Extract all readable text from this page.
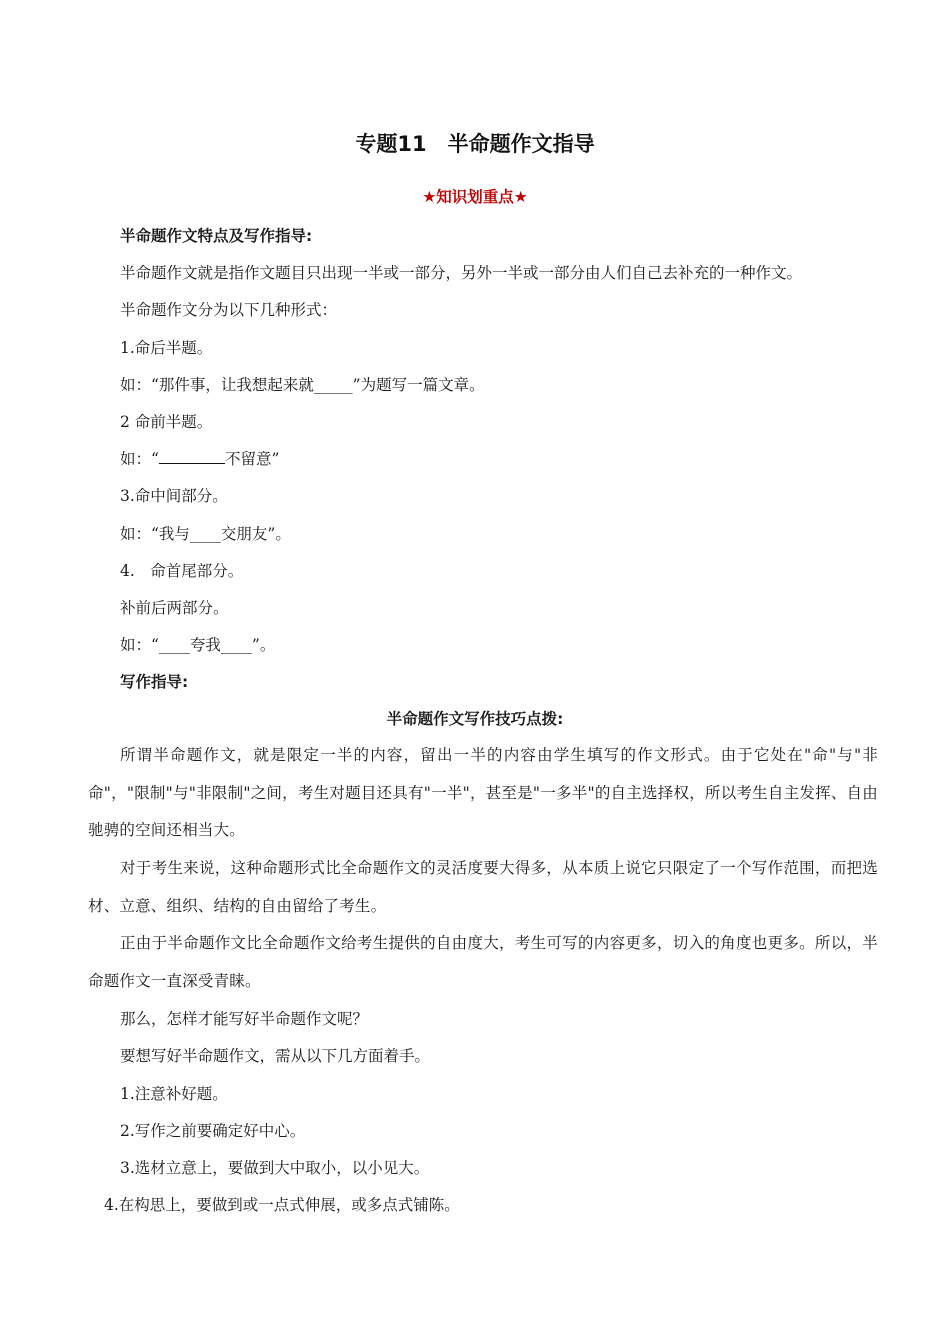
专题11　半命题作文指导
★知识划重点★
半命题作文特点及写作指导:
半命题作文就是指作文题目只出现一半或一部分，另外一半或一部分由人们自己去补充的一种作文。
半命题作文分为以下几种形式：
1.命后半题。
如：“那件事，让我想起来就_____”为题写一篇文章。
2 命前半题。
如：“	不留意”
3.命中间部分。
如：“我与____交朋友”。
4.　命首尾部分。
补前后两部分。
如：“____夸我____”。
写作指导:
半命题作文写作技巧点拨:
所谓半命题作文，就是限定一半的内容，留出一半的内容由学生填写的作文形式。由于它处在"命"与"非命"，"限制"与"非限制"之间，考生对题目还具有"一半"，甚至是"一多半"的自主选择权，所以考生自主发挥、自由驰骋的空间还相当大。
对于考生来说，这种命题形式比全命题作文的灵活度要大得多，从本质上说它只限定了一个写作范围，而把选材、立意、组织、结构的自由留给了考生。
正由于半命题作文比全命题作文给考生提供的自由度大，考生可写的内容更多，切入的角度也更多。所以，半命题作文一直深受青睐。
那么，怎样才能写好半命题作文呢？
要想写好半命题作文，需从以下几方面着手。
1.注意补好题。
2.写作之前要确定好中心。
3.选材立意上，要做到大中取小，以小见大。
4.在构思上，要做到或一点式伸展，或多点式铺陈。
